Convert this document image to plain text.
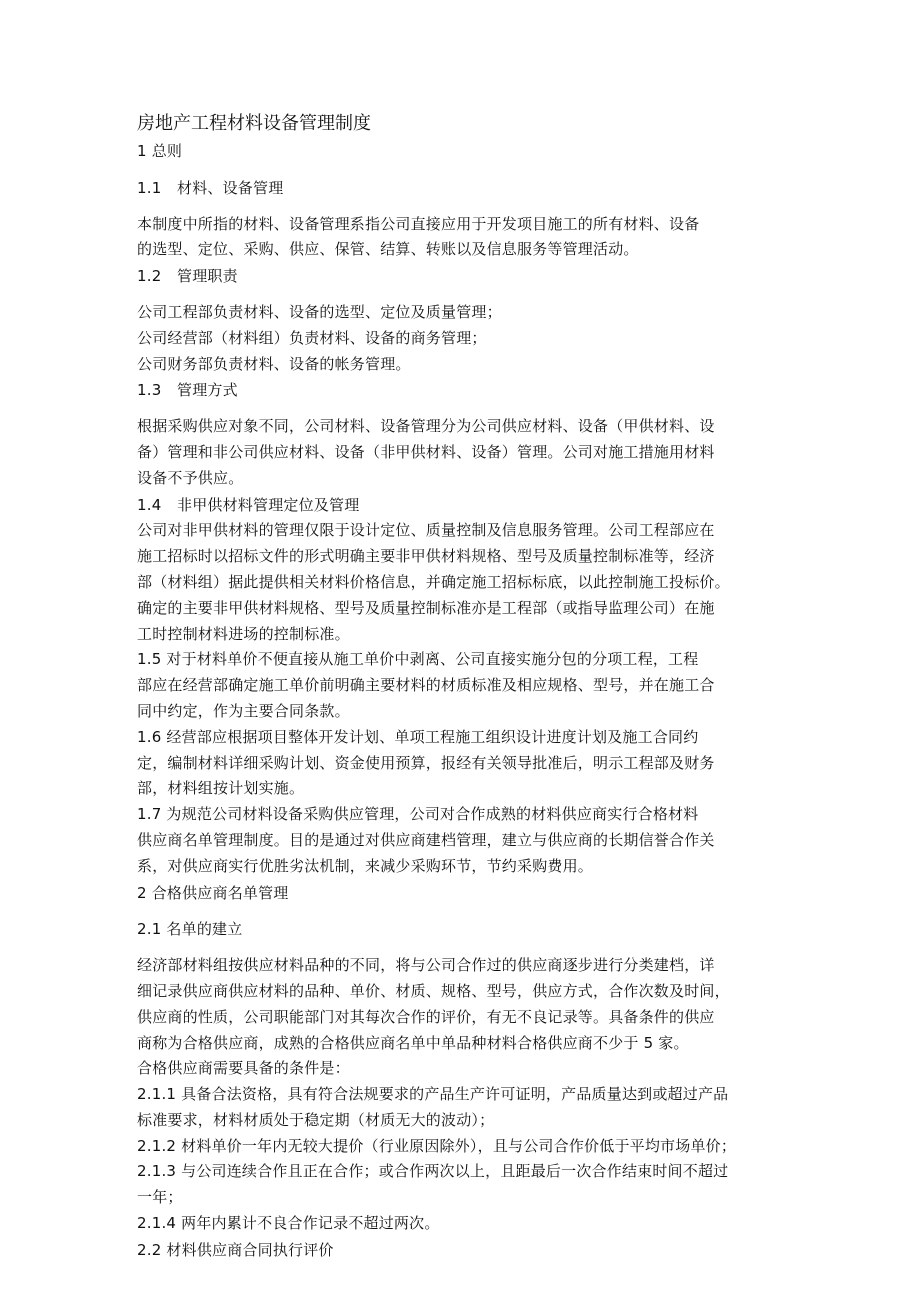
房地产工程材料设备管理制度
1 总则
1.1 材料、设备管理
本制度中所指的材料、设备管理系指公司直接应用于开发项目施工的所有材料、设备
的选型、定位、采购、供应、保管、结算、转账以及信息服务等管理活动。
1.2 管理职责
公司工程部负责材料、设备的选型、定位及质量管理；
公司经营部（材料组）负责材料、设备的商务管理；
公司财务部负责材料、设备的帐务管理。
1.3 管理方式
根据采购供应对象不同，公司材料、设备管理分为公司供应材料、设备（甲供材料、设
备）管理和非公司供应材料、设备（非甲供材料、设备）管理。公司对施工措施用材料
设备不予供应。
1.4 非甲供材料管理定位及管理
公司对非甲供材料的管理仅限于设计定位、质量控制及信息服务管理。公司工程部应在
施工招标时以招标文件的形式明确主要非甲供材料规格、型号及质量控制标准等，经济
部（材料组）据此提供相关材料价格信息，并确定施工招标标底，以此控制施工投标价。
确定的主要非甲供材料规格、型号及质量控制标准亦是工程部（或指导监理公司）在施
工时控制材料进场的控制标准。
1.5 对于材料单价不便直接从施工单价中剥离、公司直接实施分包的分项工程，工程
部应在经营部确定施工单价前明确主要材料的材质标准及相应规格、型号，并在施工合
同中约定，作为主要合同条款。
1.6 经营部应根据项目整体开发计划、单项工程施工组织设计进度计划及施工合同约
定，编制材料详细采购计划、资金使用预算，报经有关领导批准后，明示工程部及财务
部，材料组按计划实施。
1.7 为规范公司材料设备采购供应管理，公司对合作成熟的材料供应商实行合格材料
供应商名单管理制度。目的是通过对供应商建档管理，建立与供应商的长期信誉合作关
系，对供应商实行优胜劣汰机制，来减少采购环节，节约采购费用。
2 合格供应商名单管理
2.1 名单的建立
经济部材料组按供应材料品种的不同，将与公司合作过的供应商逐步进行分类建档，详
细记录供应商供应材料的品种、单价、材质、规格、型号，供应方式，合作次数及时间，
供应商的性质，公司职能部门对其每次合作的评价，有无不良记录等。具备条件的供应
商称为合格供应商，成熟的合格供应商名单中单品种材料合格供应商不少于 5 家。
合格供应商需要具备的条件是：
2.1.1 具备合法资格，具有符合法规要求的产品生产许可证明，产品质量达到或超过产品
标准要求，材料材质处于稳定期（材质无大的波动）；
2.1.2 材料单价一年内无较大提价（行业原因除外），且与公司合作价低于平均市场单价；
2.1.3 与公司连续合作且正在合作；或合作两次以上，且距最后一次合作结束时间不超过
一年；
2.1.4 两年内累计不良合作记录不超过两次。
2.2 材料供应商合同执行评价
